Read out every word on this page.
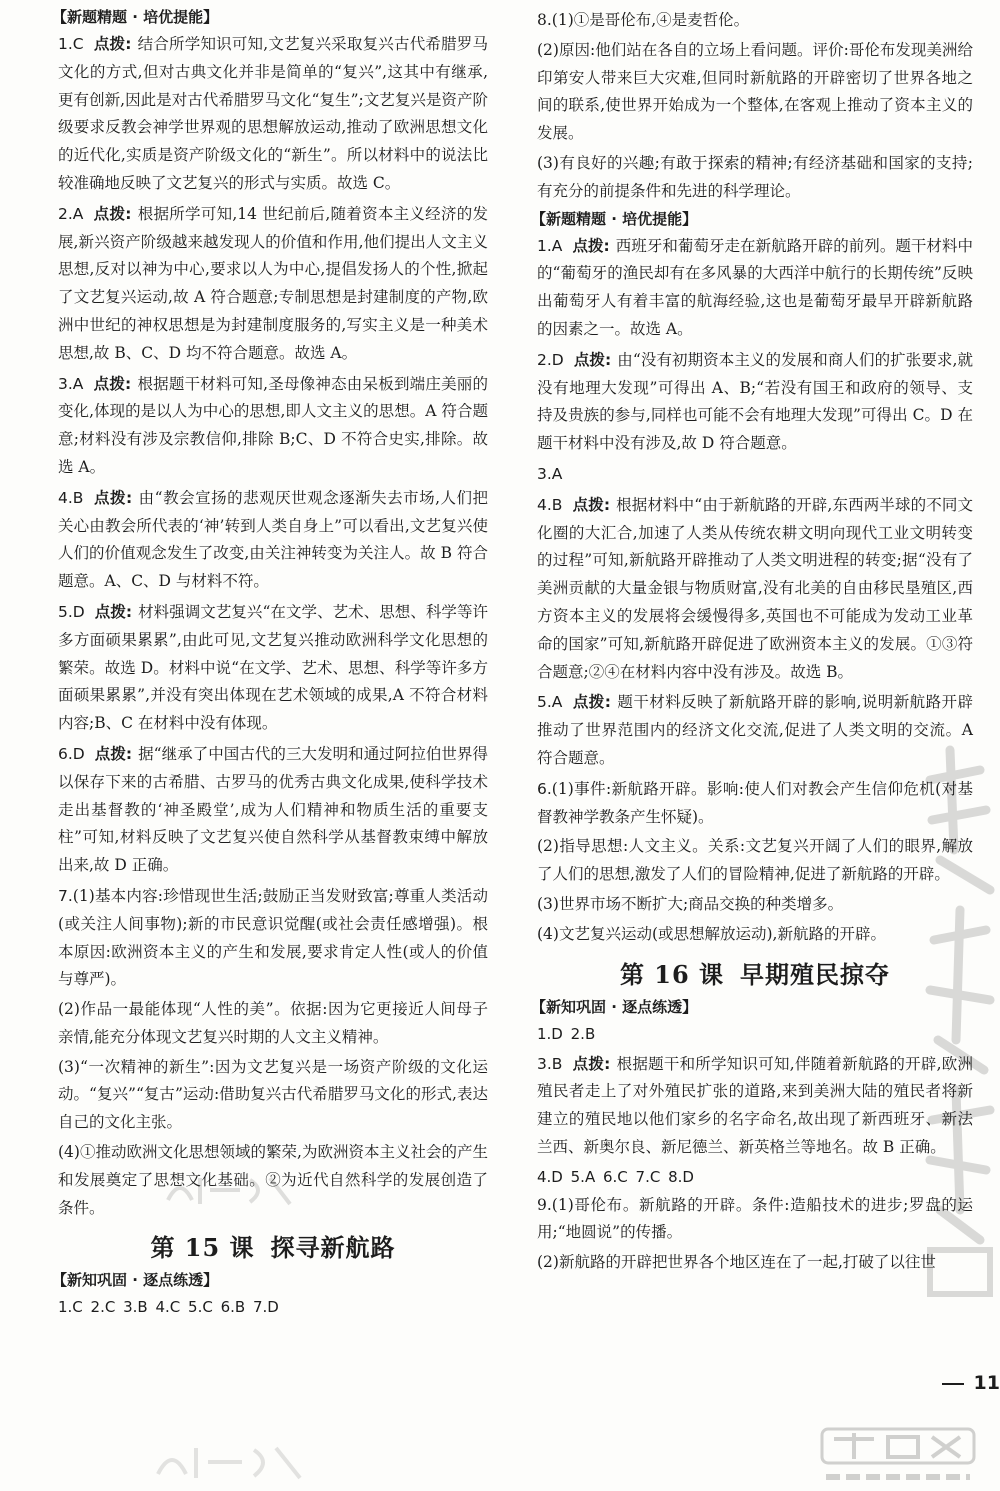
【新题精题 · 培优提能】
1.C 点拨: 结合所学知识可知,文艺复兴采取复兴古代希腊罗马文化的方式,但对古典文化并非是简单的“复兴”,这其中有继承,更有创新,因此是对古代希腊罗马文化“复生”;文艺复兴是资产阶级要求反教会神学世界观的思想解放运动,推动了欧洲思想文化的近代化,实质是资产阶级文化的“新生”。所以材料中的说法比较准确地反映了文艺复兴的形式与实质。故选 C。
2.A 点拨: 根据所学可知,14 世纪前后,随着资本主义经济的发展,新兴资产阶级越来越发现人的价值和作用,他们提出人文主义思想,反对以神为中心,要求以人为中心,提倡发扬人的个性,掀起了文艺复兴运动,故 A 符合题意;专制思想是封建制度的产物,欧洲中世纪的神权思想是为封建制度服务的,写实主义是一种美术思想,故 B、C、D 均不符合题意。故选 A。
3.A 点拨: 根据题干材料可知,圣母像神态由呆板到端庄美丽的变化,体现的是以人为中心的思想,即人文主义的思想。A 符合题意;材料没有涉及宗教信仰,排除 B;C、D 不符合史实,排除。故选 A。
4.B 点拨: 由“教会宣扬的悲观厌世观念逐渐失去市场,人们把关心由教会所代表的‘神’转到人类自身上”可以看出,文艺复兴使人们的价值观念发生了改变,由关注神转变为关注人。故 B 符合题意。A、C、D 与材料不符。
5.D 点拨: 材料强调文艺复兴“在文学、艺术、思想、科学等许多方面硕果累累”,由此可见,文艺复兴推动欧洲科学文化思想的繁荣。故选 D。材料中说“在文学、艺术、思想、科学等许多方面硕果累累”,并没有突出体现在艺术领域的成果,A 不符合材料内容;B、C 在材料中没有体现。
6.D 点拨: 据“继承了中国古代的三大发明和通过阿拉伯世界得以保存下来的古希腊、古罗马的优秀古典文化成果,使科学技术走出基督教的‘神圣殿堂’,成为人们精神和物质生活的重要支柱”可知,材料反映了文艺复兴使自然科学从基督教束缚中解放出来,故 D 正确。
7.(1)基本内容:珍惜现世生活;鼓励正当发财致富;尊重人类活动(或关注人间事物);新的市民意识觉醒(或社会责任感增强)。根本原因:欧洲资本主义的产生和发展,要求肯定人性(或人的价值与尊严)。
(2)作品一最能体现“人性的美”。依据:因为它更接近人间母子亲情,能充分体现文艺复兴时期的人文主义精神。
(3)“一次精神的新生”:因为文艺复兴是一场资产阶级的文化运动。“复兴”“复古”运动:借助复兴古代希腊罗马文化的形式,表达自己的文化主张。
(4)①推动欧洲文化思想领域的繁荣,为欧洲资本主义社会的产生和发展奠定了思想文化基础。②为近代自然科学的发展创造了条件。
第 15 课 探寻新航路
【新知巩固 · 逐点练透】
1.C 2.C 3.B 4.C 5.C 6.B 7.D
8.(1)①是哥伦布,④是麦哲伦。
(2)原因:他们站在各自的立场上看问题。评价:哥伦布发现美洲给印第安人带来巨大灾难,但同时新航路的开辟密切了世界各地之间的联系,使世界开始成为一个整体,在客观上推动了资本主义的发展。
(3)有良好的兴趣;有敢于探索的精神;有经济基础和国家的支持;有充分的前提条件和先进的科学理论。
【新题精题 · 培优提能】
1.A 点拨: 西班牙和葡萄牙走在新航路开辟的前列。题干材料中的“葡萄牙的渔民却有在多风暴的大西洋中航行的长期传统”反映出葡萄牙人有着丰富的航海经验,这也是葡萄牙最早开辟新航路的因素之一。故选 A。
2.D 点拨: 由“没有初期资本主义的发展和商人们的扩张要求,就没有地理大发现”可得出 A、B;“若没有国王和政府的领导、支持及贵族的参与,同样也可能不会有地理大发现”可得出 C。D 在题干材料中没有涉及,故 D 符合题意。
3.A
4.B 点拨: 根据材料中“由于新航路的开辟,东西两半球的不同文化圈的大汇合,加速了人类从传统农耕文明向现代工业文明转变的过程”可知,新航路开辟推动了人类文明进程的转变;据“没有了美洲贡献的大量金银与物质财富,没有北美的自由移民垦殖区,西方资本主义的发展将会缓慢得多,英国也不可能成为发动工业革命的国家”可知,新航路开辟促进了欧洲资本主义的发展。①③符合题意;②④在材料内容中没有涉及。故选 B。
5.A 点拨: 题干材料反映了新航路开辟的影响,说明新航路开辟推动了世界范围内的经济文化交流,促进了人类文明的交流。A 符合题意。
6.(1)事件:新航路开辟。影响:使人们对教会产生信仰危机(对基督教神学教条产生怀疑)。
(2)指导思想:人文主义。关系:文艺复兴开阔了人们的眼界,解放了人们的思想,激发了人们的冒险精神,促进了新航路的开辟。
(3)世界市场不断扩大;商品交换的种类增多。
(4)文艺复兴运动(或思想解放运动),新航路的开辟。
第 16 课 早期殖民掠夺
【新知巩固 · 逐点练透】
1.D 2.B
3.B 点拨: 根据题干和所学知识可知,伴随着新航路的开辟,欧洲殖民者走上了对外殖民扩张的道路,来到美洲大陆的殖民者将新建立的殖民地以他们家乡的名字命名,故出现了新西班牙、新法兰西、新奥尔良、新尼德兰、新英格兰等地名。故 B 正确。
4.D 5.A 6.C 7.C 8.D
9.(1)哥伦布。新航路的开辟。条件:造船技术的进步;罗盘的运用;“地圆说”的传播。
(2)新航路的开辟把世界各个地区连在了一起,打破了以往世
11
